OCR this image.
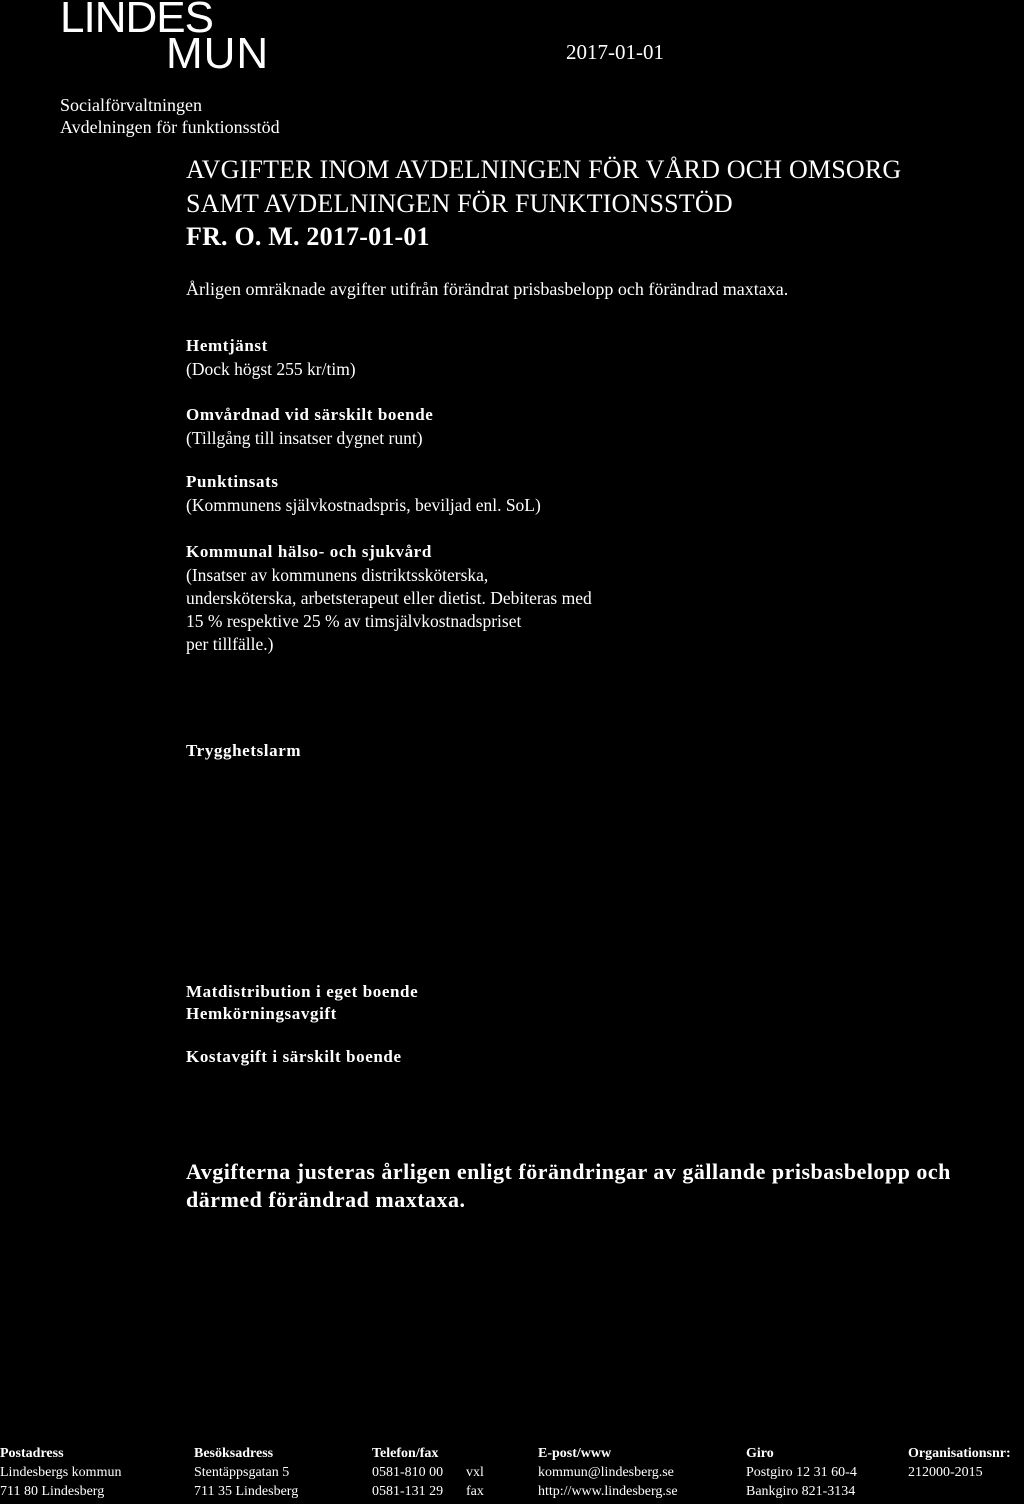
LINDES
MUN	2017-01-01
Socialförvaltningen
Avdelningen för funktionsstöd
AVGIFTER INOM AVDELNINGEN FÖR VÅRD OCH OMSORG
SAMT AVDELNINGEN FÖR FUNKTIONSSTÖD
FR. O. M. 2017-01-01
Årligen omräknade avgifter utifrån förändrat prisbasbelopp och förändrad maxtaxa.
Hemtjänst
(Dock högst 255 kr/tim)
Omvårdnad vid särskilt boende
(Tillgång till insatser dygnet runt)
Punktinsats
(Kommunens självkostnadspris, beviljad enl. SoL)
Kommunal hälso- och sjukvård
(Insatser av kommunens distriktssköterska,
undersköterska, arbetsterapeut eller dietist. Debiteras med
15 % respektive 25 % av timsjälvkostnadspriset
per tillfälle.)
Trygghetslarm
Matdistribution i eget boende
Hemkörningsavgift
Kostavgift i särskilt boende
Avgifterna justeras årligen enligt förändringar av gällande prisbasbelopp och
därmed förändrad maxtaxa.
Postadress
Lindesbergs kommun
711 80 Lindesberg
Besöksadress
Stentäppsgatan 5
711 35 Lindesberg
Telefon/fax
0581-810 00 vxl
0581-131 29 fax
E-post/www
kommun@lindesberg.se
http://www.lindesberg.se
Giro
Postgiro 12 31 60-4
Bankgiro 821-3134
Organisationsnr:
212000-2015
